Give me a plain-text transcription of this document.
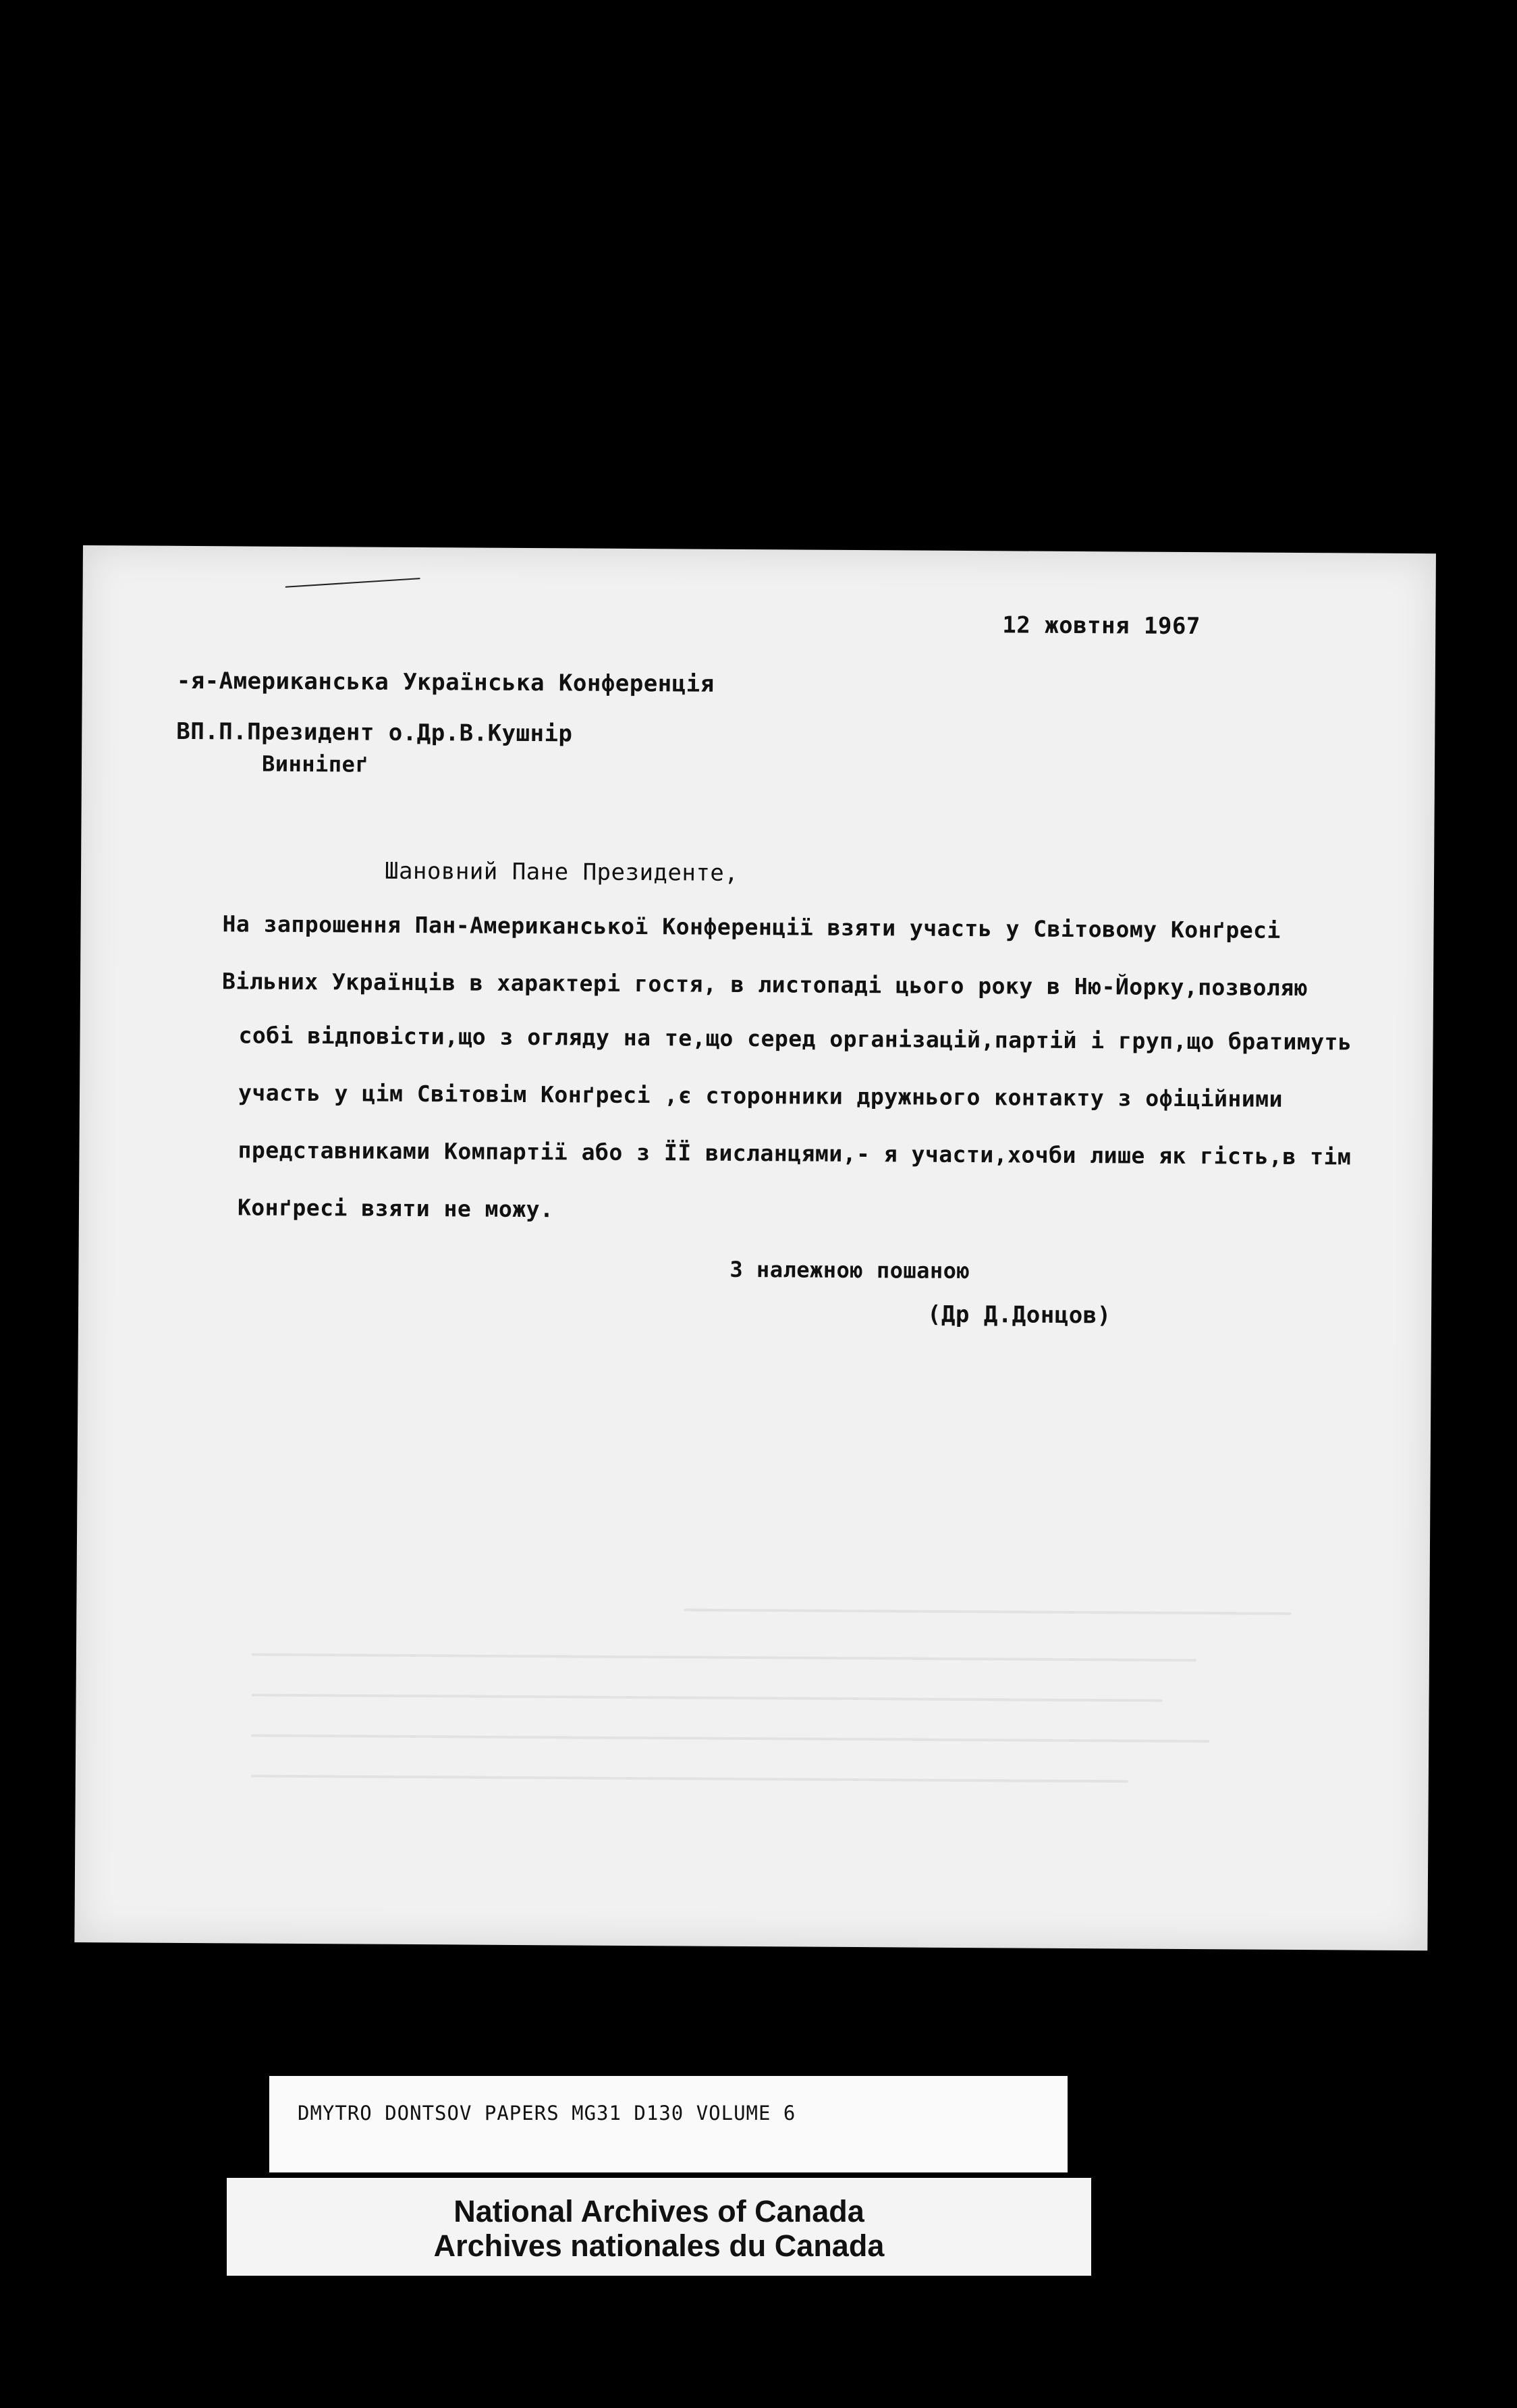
12 жовтня 1967
-я-Американська Українська Конференція
ВП.П.Президент о.Др.В.Кушнір
Винніпеґ
Шановний Пане Президенте,
На запрошення Пан-Американської Конференції взяти участь у Світовому Конґресі
Вільних Українців в характері гостя, в листопаді цього року в Ню-Йорку,позволяю
собі відповісти,що з огляду на те,що серед організацій,партій і груп,що братимуть
участь у цім Світовім Конґресі ,є сторонники дружнього контакту з офіційними
представниками Компартії або з ЇЇ висланцями,- я участи,хочби лише як гість,в тім
Конґресі взяти не можу.
З належною пошаною
(Др Д.Донцов)
DMYTRO DONTSOV PAPERS MG31 D130 VOLUME 6
National Archives of Canada
Archives nationales du Canada
